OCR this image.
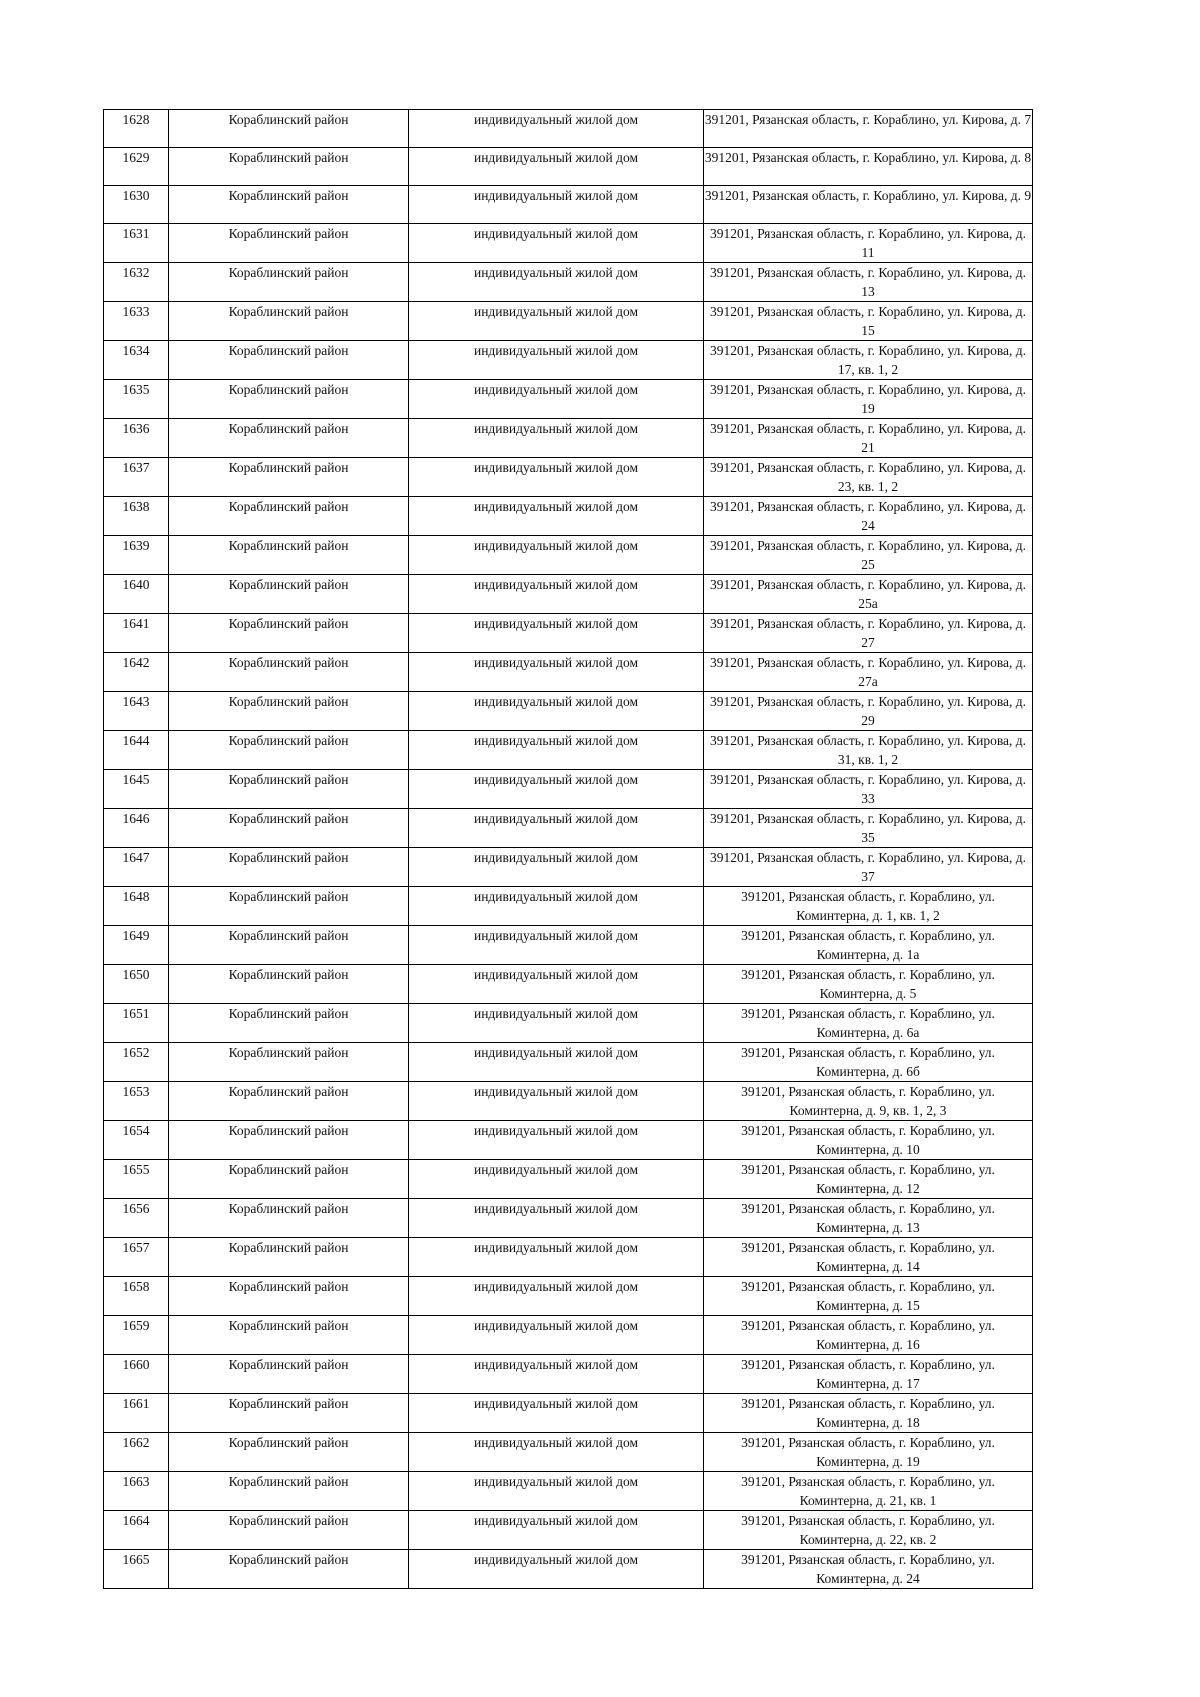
1628	Кораблинский район	индивидуальный жилой дом	391201, Рязанская область, г. Кораблино, ул. Кирова, д. 7

1629	Кораблинский район	индивидуальный жилой дом	391201, Рязанская область, г. Кораблино, ул. Кирова, д. 8

1630	Кораблинский район	индивидуальный жилой дом	391201, Рязанская область, г. Кораблино, ул. Кирова, д. 9

1631	Кораблинский район	индивидуальный жилой дом	391201, Рязанская область, г. Кораблино, ул. Кирова, д. 11

1632	Кораблинский район	индивидуальный жилой дом	391201, Рязанская область, г. Кораблино, ул. Кирова, д. 13

1633	Кораблинский район	индивидуальный жилой дом	391201, Рязанская область, г. Кораблино, ул. Кирова, д. 15

1634	Кораблинский район	индивидуальный жилой дом	391201, Рязанская область, г. Кораблино, ул. Кирова, д. 17, кв. 1, 2

1635	Кораблинский район	индивидуальный жилой дом	391201, Рязанская область, г. Кораблино, ул. Кирова, д. 19

1636	Кораблинский район	индивидуальный жилой дом	391201, Рязанская область, г. Кораблино, ул. Кирова, д. 21

1637	Кораблинский район	индивидуальный жилой дом	391201, Рязанская область, г. Кораблино, ул. Кирова, д. 23, кв. 1, 2

1638	Кораблинский район	индивидуальный жилой дом	391201, Рязанская область, г. Кораблино, ул. Кирова, д. 24

1639	Кораблинский район	индивидуальный жилой дом	391201, Рязанская область, г. Кораблино, ул. Кирова, д. 25

1640	Кораблинский район	индивидуальный жилой дом	391201, Рязанская область, г. Кораблино, ул. Кирова, д. 25а

1641	Кораблинский район	индивидуальный жилой дом	391201, Рязанская область, г. Кораблино, ул. Кирова, д. 27

1642	Кораблинский район	индивидуальный жилой дом	391201, Рязанская область, г. Кораблино, ул. Кирова, д. 27а

1643	Кораблинский район	индивидуальный жилой дом	391201, Рязанская область, г. Кораблино, ул. Кирова, д. 29

1644	Кораблинский район	индивидуальный жилой дом	391201, Рязанская область, г. Кораблино, ул. Кирова, д. 31, кв. 1, 2

1645	Кораблинский район	индивидуальный жилой дом	391201, Рязанская область, г. Кораблино, ул. Кирова, д. 33

1646	Кораблинский район	индивидуальный жилой дом	391201, Рязанская область, г. Кораблино, ул. Кирова, д. 35

1647	Кораблинский район	индивидуальный жилой дом	391201, Рязанская область, г. Кораблино, ул. Кирова, д. 37

1648	Кораблинский район	индивидуальный жилой дом	391201, Рязанская область, г. Кораблино, ул. Коминтерна, д. 1, кв. 1, 2

1649	Кораблинский район	индивидуальный жилой дом	391201, Рязанская область, г. Кораблино, ул. Коминтерна, д. 1а

1650	Кораблинский район	индивидуальный жилой дом	391201, Рязанская область, г. Кораблино, ул. Коминтерна, д. 5

1651	Кораблинский район	индивидуальный жилой дом	391201, Рязанская область, г. Кораблино, ул. Коминтерна, д. 6а

1652	Кораблинский район	индивидуальный жилой дом	391201, Рязанская область, г. Кораблино, ул. Коминтерна, д. 6б

1653	Кораблинский район	индивидуальный жилой дом	391201, Рязанская область, г. Кораблино, ул. Коминтерна, д. 9, кв. 1, 2, 3

1654	Кораблинский район	индивидуальный жилой дом	391201, Рязанская область, г. Кораблино, ул. Коминтерна, д. 10

1655	Кораблинский район	индивидуальный жилой дом	391201, Рязанская область, г. Кораблино, ул. Коминтерна, д. 12

1656	Кораблинский район	индивидуальный жилой дом	391201, Рязанская область, г. Кораблино, ул. Коминтерна, д. 13

1657	Кораблинский район	индивидуальный жилой дом	391201, Рязанская область, г. Кораблино, ул. Коминтерна, д. 14

1658	Кораблинский район	индивидуальный жилой дом	391201, Рязанская область, г. Кораблино, ул. Коминтерна, д. 15

1659	Кораблинский район	индивидуальный жилой дом	391201, Рязанская область, г. Кораблино, ул. Коминтерна, д. 16

1660	Кораблинский район	индивидуальный жилой дом	391201, Рязанская область, г. Кораблино, ул. Коминтерна, д. 17

1661	Кораблинский район	индивидуальный жилой дом	391201, Рязанская область, г. Кораблино, ул. Коминтерна, д. 18

1662	Кораблинский район	индивидуальный жилой дом	391201, Рязанская область, г. Кораблино, ул. Коминтерна, д. 19

1663	Кораблинский район	индивидуальный жилой дом	391201, Рязанская область, г. Кораблино, ул. Коминтерна, д. 21, кв. 1

1664	Кораблинский район	индивидуальный жилой дом	391201, Рязанская область, г. Кораблино, ул. Коминтерна, д. 22, кв. 2

1665	Кораблинский район	индивидуальный жилой дом	391201, Рязанская область, г. Кораблино, ул. Коминтерна, д. 24
